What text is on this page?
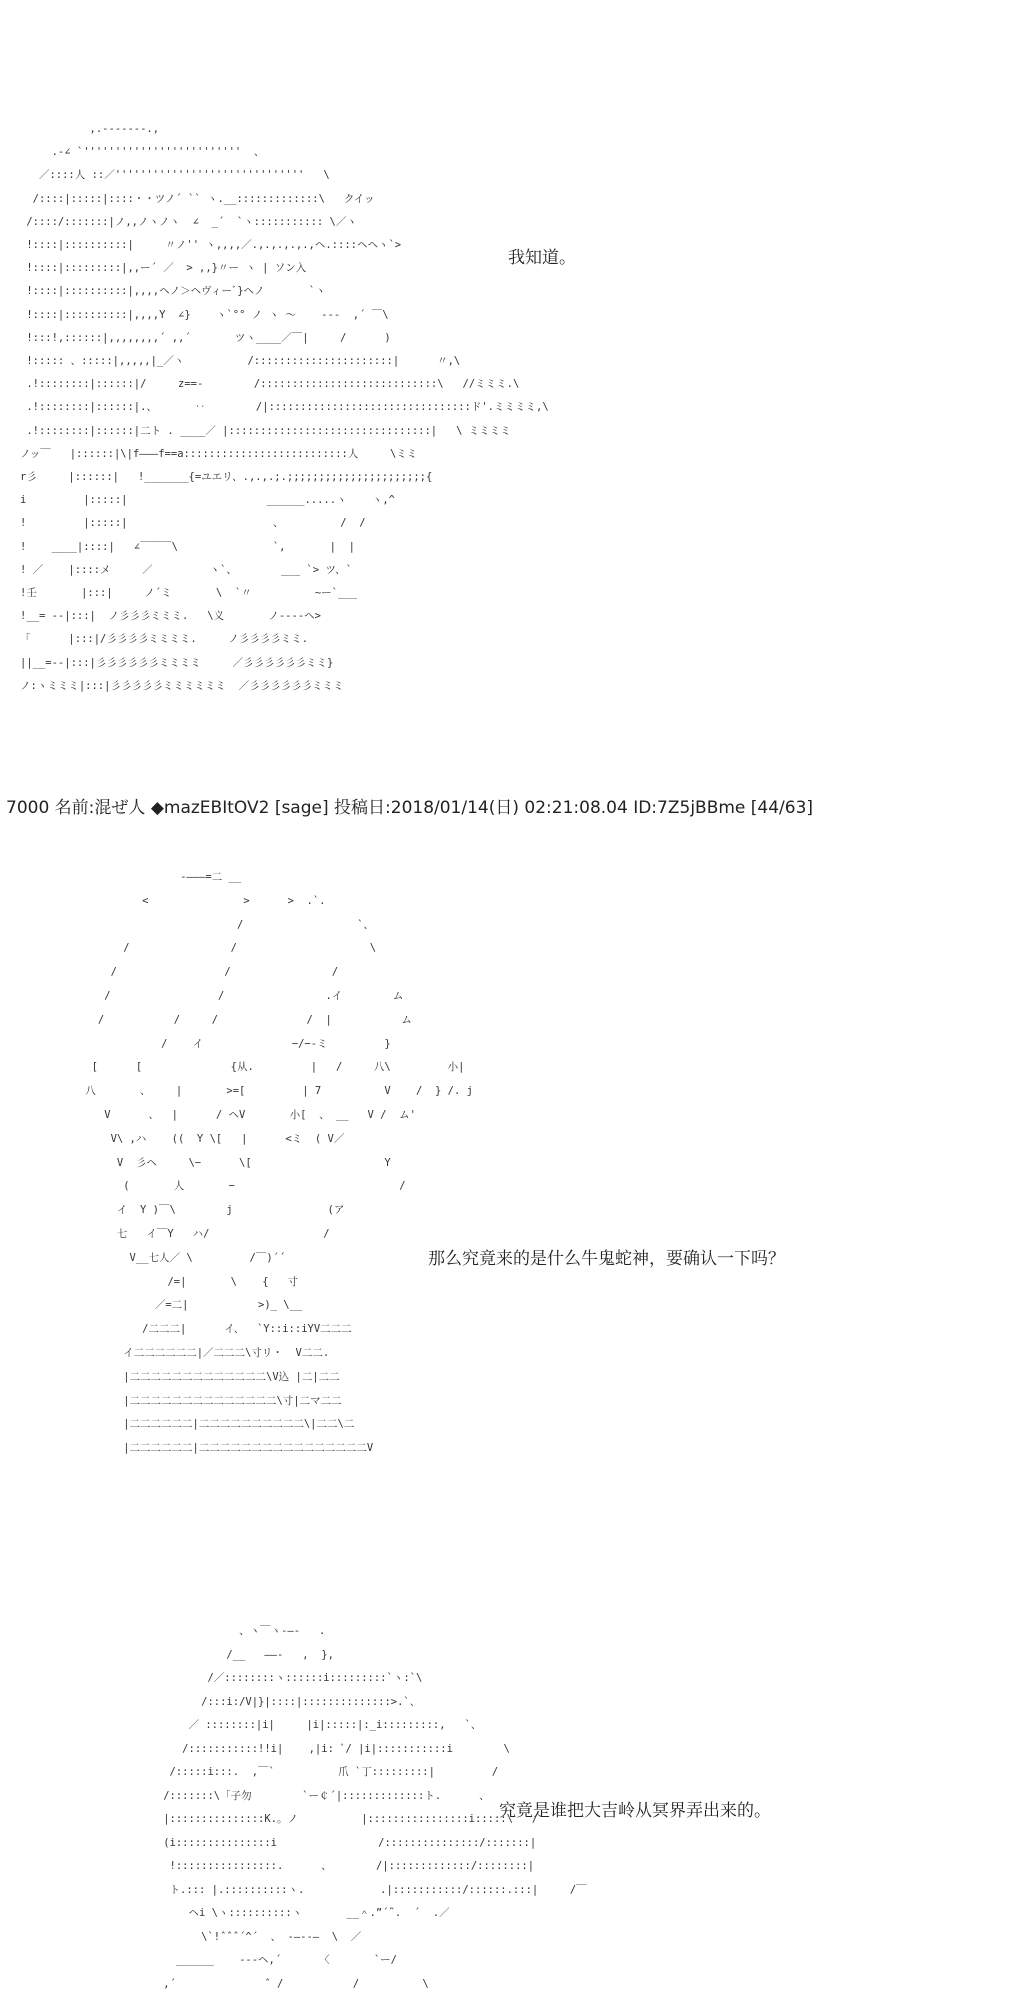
,.-------.,
.-∠ `'''''''''''''''''''''''''  、
／::::人 ::／''''''''''''''''''''''''''''''   \
/::::|:::::|::::・・ツノ´ `` ヽ.__:::::::::::::\   クイッ
/::::/:::::::|ノ,,ノヽノヽ  ∠  _´  `ヽ::::::::::: \／ヽ
!::::|::::::::::|     〃ノ'' ヽ,,,,／.,.,.,.,.,ヘ.::::ヘヘヽ`>
!::::|:::::::::|,,ー´ ／  > ,,}〃ー ヽ | ソン入
!::::|::::::::::|,,,,ヘノ＞ヘヴィーﾞ}ヘノ       `ヽ
!::::|::::::::::|,,,,Y  ∠}    ヽ`°° ノ ヽ 〜    ---  ,´ ￣\
!:::!,::::::|,,,,,,,,´ ,,´       ツヽ____／￣|     /      )
!::::: 、:::::|,,,,,|_／ヽ          /::::::::::::::::::::::|      〃,\
.!::::::::|::::::|/     z==‐        /::::::::::::::::::::::::::::\   //ミミミ.\
.!::::::::|::::::|.、      ‥        /|::::::::::::::::::::::::::::::::ド'.ミミミミ,\
.!::::::::|::::::|二ト . ____／ |::::::::::::::::::::::::::::::::|   \ ミミミミ
ノッ￣   |::::::|\|f―――f==a::::::::::::::::::::::::::人     \ミミ
r彡     |::::::|   !_______{=ユエリ、.,.,.;.;;;;;;;;;;;;;;;;;;;;;;{
i         |:::::|                      ______.....ヽ    ヽ,^
!         |:::::|                       、         /  /
!    ____|::::|   ∠￣￣￣\               `,       |  |
! ／    |::::メ     ／         ヽ`、       ___ `> ツ、`
!壬       |:::|     ノ´ミ       \  `〃          ~ー`___
!__= --|:::|  ノ彡彡彡ミミミ.   \义       ノ----ヘ>
「      |:::|/彡彡彡彡ミミミミ.     ノ彡彡彡彡ミミ.
||__=--|:::|彡彡彡彡彡彡ミミミミ     ／彡彡彡彡彡彡ミミ}
ノ:ヽミミミ|:::|彡彡彡彡彡ミミミミミミ  ／彡彡彡彡彡彡ミミミ
我知道。
7000 名前:混ぜ人 ◆mazEBItOV2 [sage] 投稿日:2018/01/14(日) 02:21:08.04 ID:7Z5jBBme [44/63]
-―――=二 __
<               >      >  .`.
/                  `、
/                /                     \
/                 /                /
/                 /                .イ        ム
/           /     /              /  |           ム
/    イ              −/−-ミ         }
[      [              {从.         |   /     八\         小|
八       、    |       >=[         | 7          V    /  } /. j
V      、  |      / ヘV       小[  、 __   V /  ム'
V\ ,ハ    ((  Y \[   |      <ミ  ( V／
V  彡ヘ     \−      \[                     Y
(       人       −                          /
イ  Y )￣\        j               (ア
七   イ￣Y   ハ/                  /
V__七人／ \         /￣)´´
/=|       \    {   寸
／=二|           >)_ \__
/二二二|      イ、  `Y::i::iYV二二二
イ二二二二二二|／二二二\寸リ・  V二二.
|二二二二二二二二二二二二二\V込 |二|二二
|二二二二二二二二二二二二二二\寸|二マ二二
|二二二二二二|二二二二二二二二二二\|二二\二
|二二二二二二|二二二二二二二二二二二二二二二二V
那么究竟来的是什么牛鬼蛇神，要确认一下吗？
、ヽ￣ヽ-―-   .
/__   ――-   ,  },
/／::::::::ヽ::::::i:::::::::`ヽ:`\
/:::i:/V|}|::::|::::::::::::::>.`、
／ ::::::::|i|     |i|:::::|:_i:::::::::,   `、
/:::::::::::!!i|    ,|i: ﾞ/ |i|:::::::::::i        \
/:::::i:::.  ,￣`          爪 `丁:::::::::|         /
/:::::::\「子勿        `ー￠´|:::::::::::::ト.      、
|:::::::::::::::K.。ノ          |::::::::::::::::i:::::\   /
(i:::::::::::::::i                /:::::::::::::::/:::::::|
!::::::::::::::::.      、       /|:::::::::::::/::::::::|
ト.::: |.::::::::::ヽ.            .|:::::::::::/::::::.:::|     /￣
ヘi \ヽ::::::::::ヽ       __＾.”´˜.  ´  .／
\`!ˆˆˆ´^´  、 -―--―  \  ／
______    ---ヘ,´      〈       `ー/
,´              ˆ /           /          \
究竟是谁把大吉岭从冥界弄出来的。
